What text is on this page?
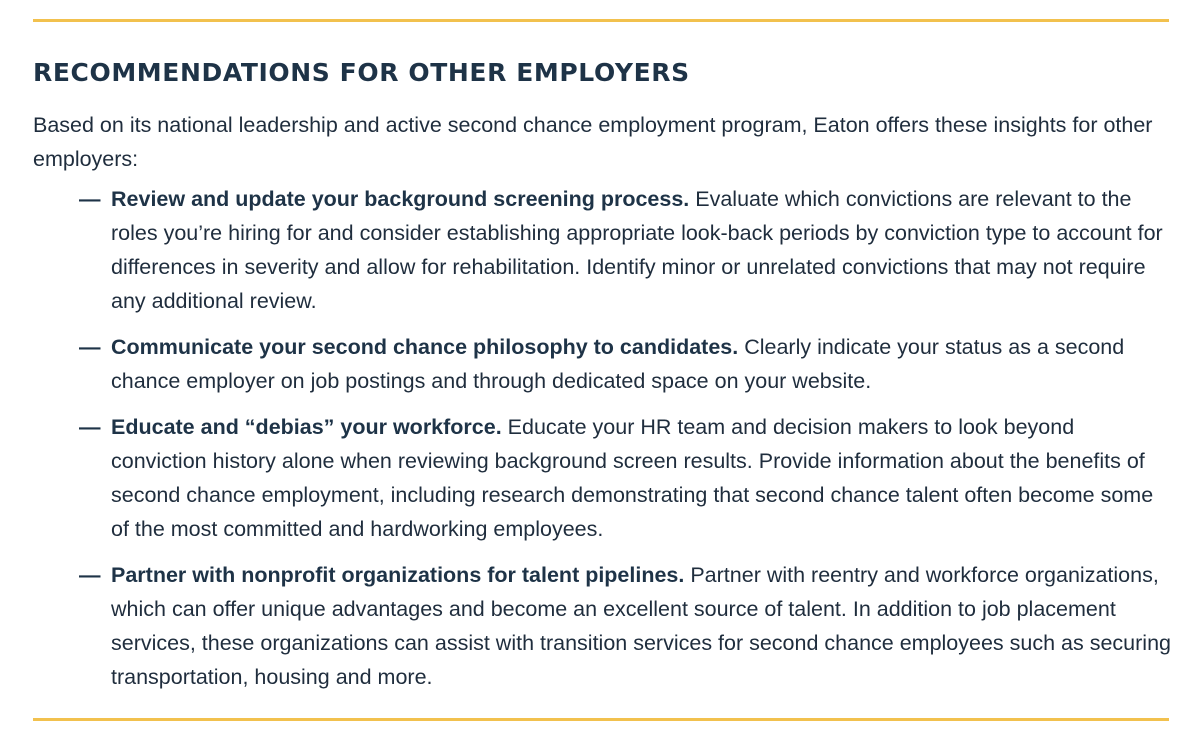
RECOMMENDATIONS FOR OTHER EMPLOYERS

Based on its national leadership and active second chance employment program, Eaton offers these insights for other employers:

— Review and update your background screening process. Evaluate which convictions are relevant to the roles you’re hiring for and consider establishing appropriate look-back periods by conviction type to account for differences in severity and allow for rehabilitation. Identify minor or unrelated convictions that may not require any additional review.
— Communicate your second chance philosophy to candidates. Clearly indicate your status as a second chance employer on job postings and through dedicated space on your website.
— Educate and “debias” your workforce. Educate your HR team and decision makers to look beyond conviction history alone when reviewing background screen results. Provide information about the benefits of second chance employment, including research demonstrating that second chance talent often become some of the most committed and hardworking employees.
— Partner with nonprofit organizations for talent pipelines. Partner with reentry and workforce organizations, which can offer unique advantages and become an excellent source of talent. In addition to job placement services, these organizations can assist with transition services for second chance employees such as securing transportation, housing and more.
